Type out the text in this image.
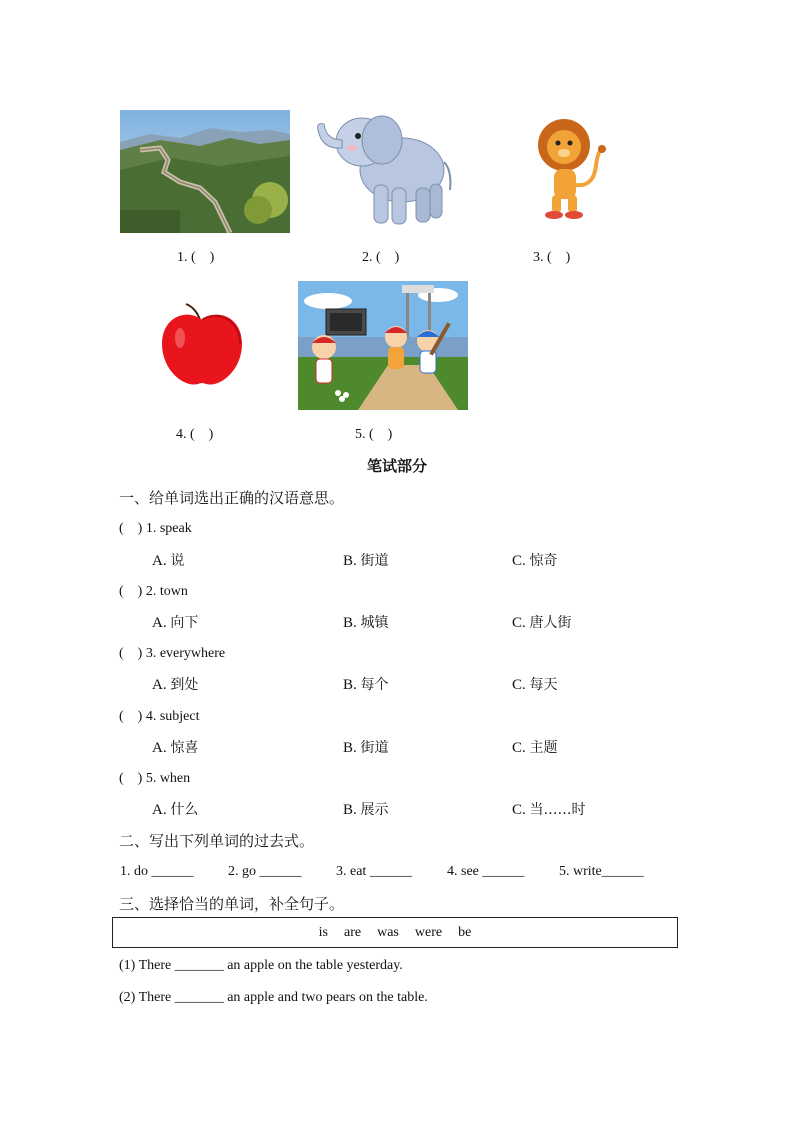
1. (    )	2. (    )	3. (    )
4. (    )	5. (    )
笔试部分
一、给单词选出正确的汉语意思。
(    ) 1. speak
A. 说	B. 街道	C. 惊奇
(    ) 2. town
A. 向下	B. 城镇	C. 唐人街
(    ) 3. everywhere
A. 到处	B. 每个	C. 每天
(    ) 4. subject
A. 惊喜	B. 街道	C. 主题
(    ) 5. when
A. 什么	B. 展示	C. 当……时
二、写出下列单词的过去式。
1. do ______ 2. go ______ 3. eat ______	4. see ______ 5. write______
三、选择恰当的单词，补全句子。
is are was were be
(1) There _______ an apple on the table yesterday.
(2) There _______ an apple and two pears on the table.
